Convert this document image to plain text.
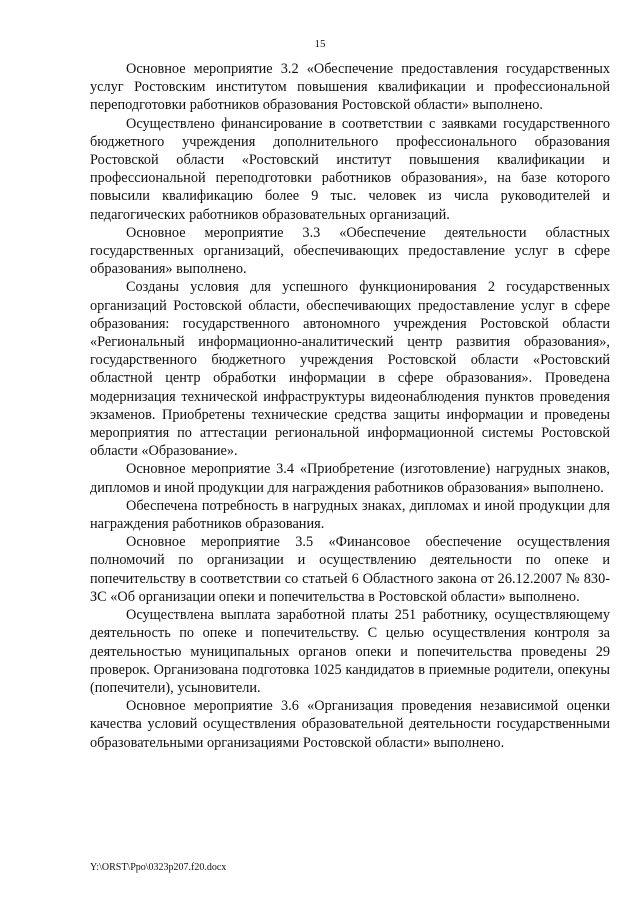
15

Основное мероприятие 3.2 «Обеспечение предоставления государственных услуг Ростовским институтом повышения квалификации и профессиональной переподготовки работников образования Ростовской области» выполнено.

Осуществлено финансирование в соответствии с заявками государственного бюджетного учреждения дополнительного профессионального образования Ростовской области «Ростовский институт повышения квалификации и профессиональной переподготовки работников образования», на базе которого повысили квалификацию более 9 тыс. человек из числа руководителей и педагогических работников образовательных организаций.

Основное мероприятие 3.3 «Обеспечение деятельности областных государственных организаций, обеспечивающих предоставление услуг в сфере образования» выполнено.

Созданы условия для успешного функционирования 2 государственных организаций Ростовской области, обеспечивающих предоставление услуг в сфере образования: государственного автономного учреждения Ростовской области «Региональный информационно-аналитический центр развития образования», государственного бюджетного учреждения Ростовской области «Ростовский областной центр обработки информации в сфере образования». Проведена модернизация технической инфраструктуры видеонаблюдения пунктов проведения экзаменов. Приобретены технические средства защиты информации и проведены мероприятия по аттестации региональной информационной системы Ростовской области «Образование».

Основное мероприятие 3.4 «Приобретение (изготовление) нагрудных знаков, дипломов и иной продукции для награждения работников образования» выполнено.

Обеспечена потребность в нагрудных знаках, дипломах и иной продукции для награждения работников образования.

Основное мероприятие 3.5 «Финансовое обеспечение осуществления полномочий по организации и осуществлению деятельности по опеке и попечительству в соответствии со статьей 6 Областного закона от 26.12.2007 № 830-ЗС «Об организации опеки и попечительства в Ростовской области» выполнено.

Осуществлена выплата заработной платы 251 работнику, осуществляющему деятельность по опеке и попечительству. С целью осуществления контроля за деятельностью муниципальных органов опеки и попечительства проведены 29 проверок. Организована подготовка 1025 кандидатов в приемные родители, опекуны (попечители), усыновители.

Основное мероприятие 3.6 «Организация проведения независимой оценки качества условий осуществления образовательной деятельности государственными образовательными организациями Ростовской области» выполнено.

Y:\ORST\Ppo\0323p207.f20.docx
